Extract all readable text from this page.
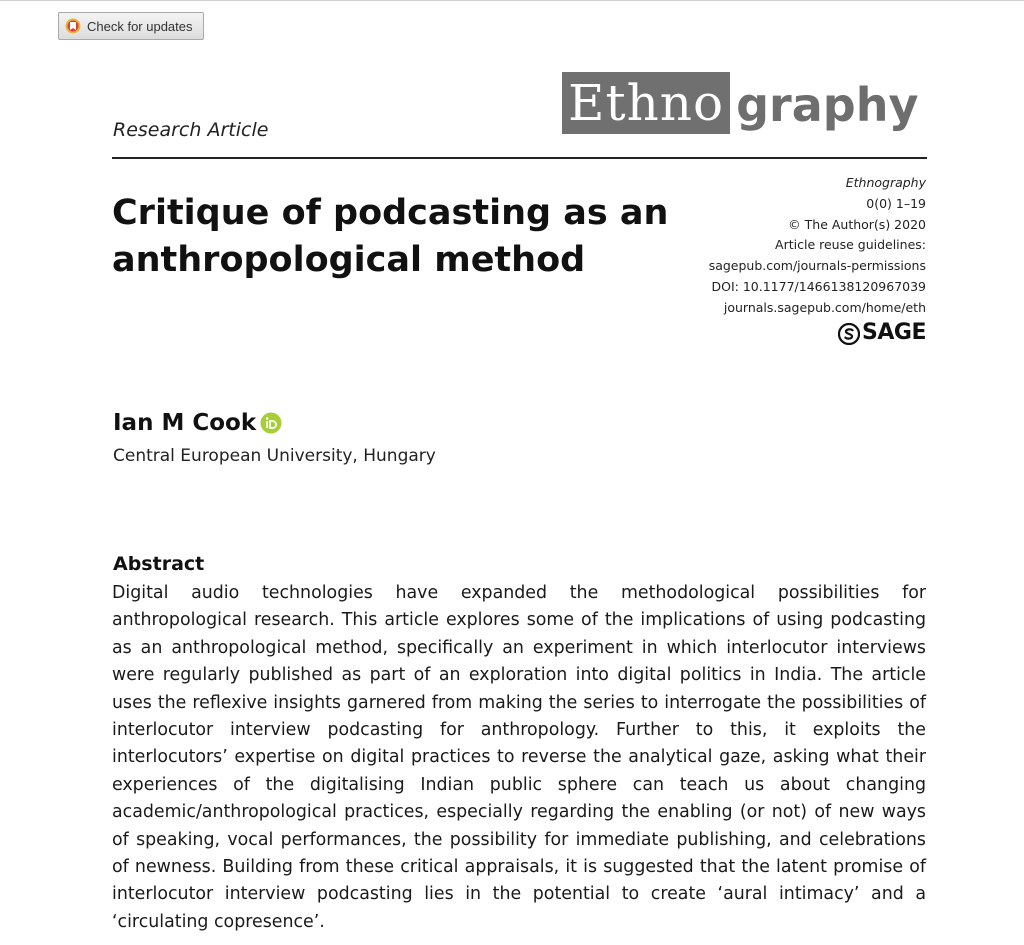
Check for updates
Ethno graphy
Research Article
Critique of podcasting as an anthropological method
Ethnography
0(0) 1–19
© The Author(s) 2020
Article reuse guidelines:
sagepub.com/journals-permissions
DOI: 10.1177/1466138120967039
journals.sagepub.com/home/eth
SAGE
Ian M Cook
Central European University, Hungary
Abstract

Digital audio technologies have expanded the methodological possibilities for anthropological research. This article explores some of the implications of using podcasting as an anthropological method, specifically an experiment in which interlocutor interviews were regularly published as part of an exploration into digital politics in India. The article uses the reflexive insights garnered from making the series to interrogate the possibilities of interlocutor interview podcasting for anthropology. Further to this, it exploits the interlocutors’ expertise on digital practices to reverse the analytical gaze, asking what their experiences of the digitalising Indian public sphere can teach us about changing academic/anthropological practices, especially regarding the enabling (or not) of new ways of speaking, vocal performances, the possibility for immediate publishing, and celebrations of newness. Building from these critical appraisals, it is suggested that the latent promise of interlocutor interview podcasting lies in the potential to create ‘aural intimacy’ and a ‘circulating copresence’.
